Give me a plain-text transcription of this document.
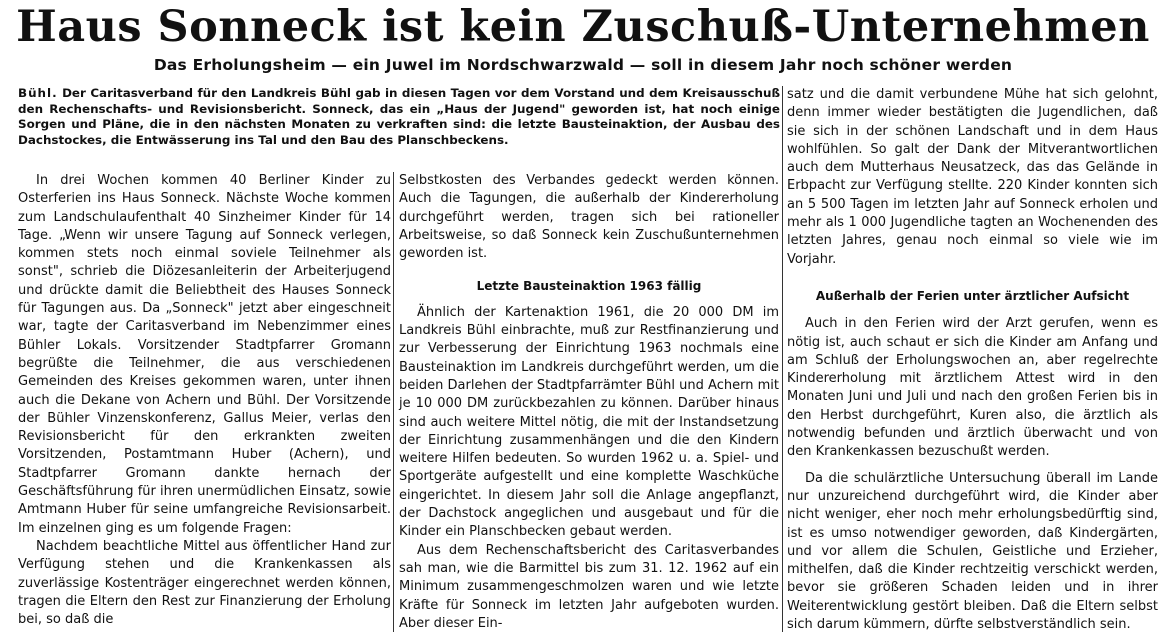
Haus Sonneck ist kein Zuschuß-Unternehmen
Das Erholungsheim — ein Juwel im Nordschwarzwald — soll in diesem Jahr noch schöner werden
Bühl. Der Caritasverband für den Landkreis Bühl gab in diesen Tagen vor dem Vorstand und dem Kreisausschuß den Rechenschafts- und Revisionsbericht. Sonneck, das ein „Haus der Jugend" geworden ist, hat noch einige Sorgen und Pläne, die in den nächsten Monaten zu verkraften sind: die letzte Bausteinaktion, der Ausbau des Dachstockes, die Entwässerung ins Tal und den Bau des Planschbeckens.

In drei Wochen kommen 40 Berliner Kinder zu Osterferien ins Haus Sonneck. Nächste Woche kommen zum Landschulaufenthalt 40 Sinzheimer Kinder für 14 Tage. „Wenn wir unsere Tagung auf Sonneck verlegen, kommen stets noch einmal soviele Teilnehmer als sonst", schrieb die Diözesanleiterin der Arbeiterjugend und drückte damit die Beliebtheit des Hauses Sonneck für Tagungen aus. Da „Sonneck" jetzt aber eingeschneit war, tagte der Caritasverband im Nebenzimmer eines Bühler Lokals. Vorsitzender Stadtpfarrer Gromann begrüßte die Teilnehmer, die aus verschiedenen Gemeinden des Kreises gekommen waren, unter ihnen auch die Dekane von Achern und Bühl. Der Vorsitzende der Bühler Vinzenskonferenz, Gallus Meier, verlas den Revisionsbericht für den erkrankten zweiten Vorsitzenden, Postamtmann Huber (Achern), und Stadtpfarrer Gromann dankte hernach der Geschäftsführung für ihren unermüdlichen Einsatz, sowie Amtmann Huber für seine umfangreiche Revisionsarbeit. Im einzelnen ging es um folgende Fragen:

Nachdem beachtliche Mittel aus öffentlicher Hand zur Verfügung stehen und die Krankenkassen als zuverlässige Kostenträger eingerechnet werden können, tragen die Eltern den Rest zur Finanzierung der Erholung bei, so daß die

Selbstkosten des Verbandes gedeckt werden können. Auch die Tagungen, die außerhalb der Kindererholung durchgeführt werden, tragen sich bei rationeller Arbeitsweise, so daß Sonneck kein Zuschußunternehmen geworden ist.

Letzte Bausteinaktion 1963 fällig

Ähnlich der Kartenaktion 1961, die 20 000 DM im Landkreis Bühl einbrachte, muß zur Restfinanzierung und zur Verbesserung der Einrichtung 1963 nochmals eine Bausteinaktion im Landkreis durchgeführt werden, um die beiden Darlehen der Stadtpfarrämter Bühl und Achern mit je 10 000 DM zurückbezahlen zu können. Darüber hinaus sind auch weitere Mittel nötig, die mit der Instandsetzung der Einrichtung zusammenhängen und die den Kindern weitere Hilfen bedeuten. So wurden 1962 u. a. Spiel- und Sportgeräte aufgestellt und eine komplette Waschküche eingerichtet. In diesem Jahr soll die Anlage angepflanzt, der Dachstock angeglichen und ausgebaut und für die Kinder ein Planschbecken gebaut werden.

Aus dem Rechenschaftsbericht des Caritasverbandes sah man, wie die Barmittel bis zum 31. 12. 1962 auf ein Minimum zusammengeschmolzen waren und wie letzte Kräfte für Sonneck im letzten Jahr aufgeboten wurden. Aber dieser Ein-

satz und die damit verbundene Mühe hat sich gelohnt, denn immer wieder bestätigten die Jugendlichen, daß sie sich in der schönen Landschaft und in dem Haus wohlfühlen. So galt der Dank der Mitverantwortlichen auch dem Mutterhaus Neusatzeck, das das Gelände in Erbpacht zur Verfügung stellte. 220 Kinder konnten sich an 5 500 Tagen im letzten Jahr auf Sonneck erholen und mehr als 1 000 Jugendliche tagten an Wochenenden des letzten Jahres, genau noch einmal so viele wie im Vorjahr.

Außerhalb der Ferien unter ärztlicher Aufsicht

Auch in den Ferien wird der Arzt gerufen, wenn es nötig ist, auch schaut er sich die Kinder am Anfang und am Schluß der Erholungswochen an, aber regelrechte Kindererholung mit ärztlichem Attest wird in den Monaten Juni und Juli und nach den großen Ferien bis in den Herbst durchgeführt, Kuren also, die ärztlich als notwendig befunden und ärztlich überwacht und von den Krankenkassen bezuschußt werden.

Da die schulärztliche Untersuchung überall im Lande nur unzureichend durchgeführt wird, die Kinder aber nicht weniger, eher noch mehr erholungsbedürftig sind, ist es umso notwendiger geworden, daß Kindergärten, und vor allem die Schulen, Geistliche und Erzieher, mithelfen, daß die Kinder rechtzeitig verschickt werden, bevor sie größeren Schaden leiden und in ihrer Weiterentwicklung gestört bleiben. Daß die Eltern selbst sich darum kümmern, dürfte selbstverständlich sein.
